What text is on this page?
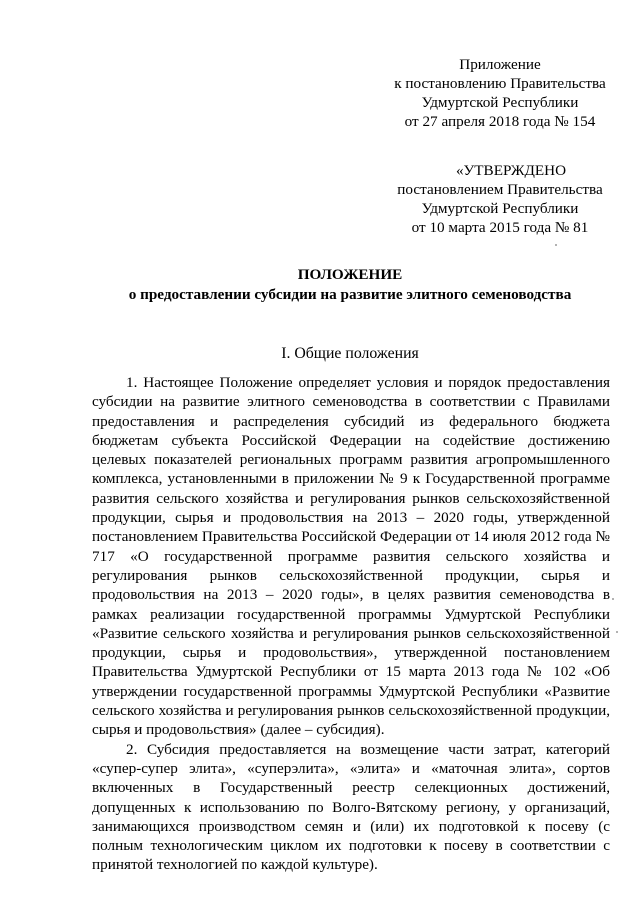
Приложение
к постановлению Правительства
Удмуртской Республики
от 27 апреля 2018 года № 154
«УТВЕРЖДЕНО
постановлением Правительства
Удмуртской Республики
от 10 марта 2015 года № 81
ПОЛОЖЕНИЕ
о предоставлении субсидии на развитие элитного семеноводства
I. Общие положения

1. Настоящее Положение определяет условия и порядок предоставления субсидии на развитие элитного семеноводства в соответствии с Правилами предоставления и распределения субсидий из федерального бюджета бюджетам субъекта Российской Федерации на содействие достижению целевых показателей региональных программ развития агропромышленного комплекса, установленными в приложении № 9 к Государственной программе развития сельского хозяйства и регулирования рынков сельскохозяйственной продукции, сырья и продовольствия на 2013 – 2020 годы, утвержденной постановлением Правительства Российской Федерации от 14 июля 2012 года № 717 «О государственной программе развития сельского хозяйства и регулирования рынков сельскохозяйственной продукции, сырья и продовольствия на 2013 – 2020 годы», в целях развития семеноводства в рамках реализации государственной программы Удмуртской Республики «Развитие сельского хозяйства и регулирования рынков сельскохозяйственной продукции, сырья и продовольствия», утвержденной постановлением Правительства Удмуртской Республики от 15 марта 2013 года № 102 «Об утверждении государственной программы Удмуртской Республики «Развитие сельского хозяйства и регулирования рынков сельскохозяйственной продукции, сырья и продовольствия» (далее – субсидия).

2. Субсидия предоставляется на возмещение части затрат, категорий «супер-супер элита», «суперэлита», «элита» и «маточная элита», сортов включенных в Государственный реестр селекционных достижений, допущенных к использованию по Волго-Вятскому региону, у организаций, занимающихся производством семян и (или) их подготовкой к посеву (с полным технологическим циклом их подготовки к посеву в соответствии с принятой технологией по каждой культуре).
